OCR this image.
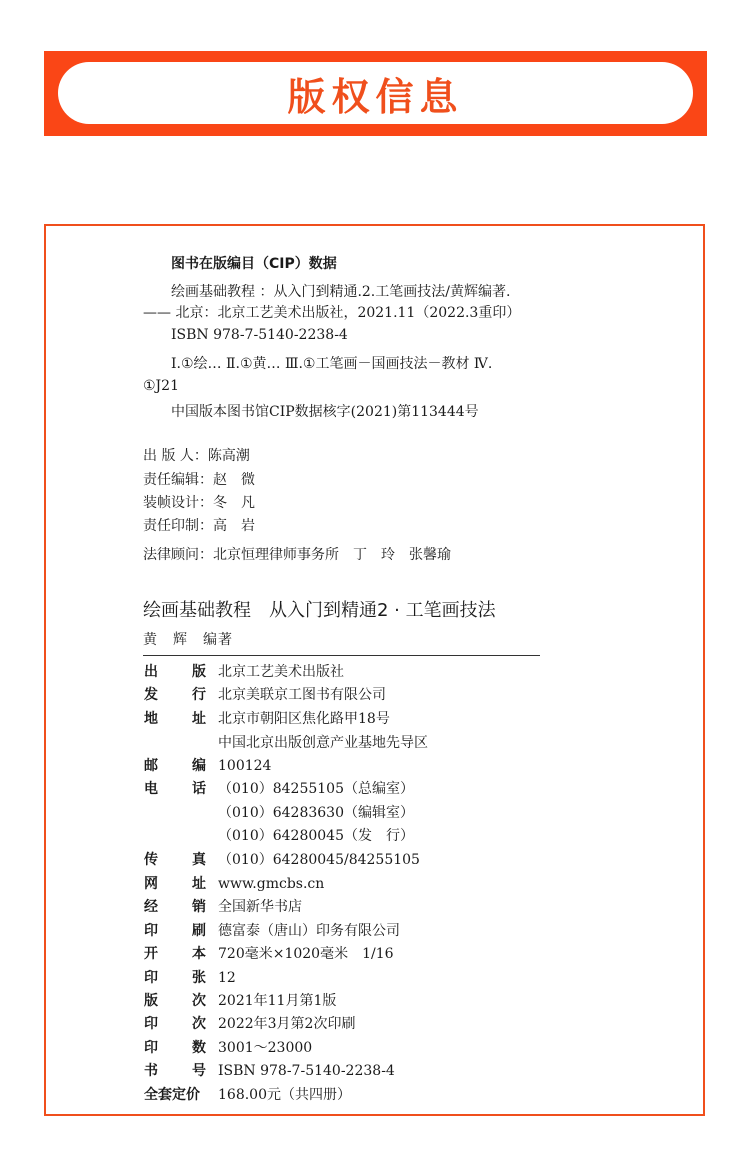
版权信息
图书在版编目（CIP）数据
绘画基础教程 ：从入门到精通.2.工笔画技法/黄辉编著.
—— 北京：北京工艺美术出版社，2021.11（2022.3重印）
ISBN 978-7-5140-2238-4
Ⅰ.①绘… Ⅱ.①黄… Ⅲ.①工笔画－国画技法－教材 Ⅳ.
①J21
中国版本图书馆CIP数据核字(2021)第113444号
出 版 人：陈高潮
责任编辑：赵　微
装帧设计：冬　凡
责任印制：高　岩
法律顾问：北京恒理律师事务所　丁　玲　张馨瑜
绘画基础教程　从入门到精通2 · 工笔画技法
黄　辉　编著
出 版 北京工艺美术出版社
发 行 北京美联京工图书有限公司
地 址 北京市朝阳区焦化路甲18号
中国北京出版创意产业基地先导区
邮 编 100124
电 话 （010）84255105（总编室）
（010）64283630（编辑室）
（010）64280045（发　行）
传 真 （010）64280045/84255105
网 址 www.gmcbs.cn
经 销 全国新华书店
印 刷 德富泰（唐山）印务有限公司
开 本 720毫米×1020毫米　1/16
印 张 12
版 次 2021年11月第1版
印 次 2022年3月第2次印刷
印 数 3001～23000
书 号 ISBN 978-7-5140-2238-4
全套定价 168.00元（共四册）
